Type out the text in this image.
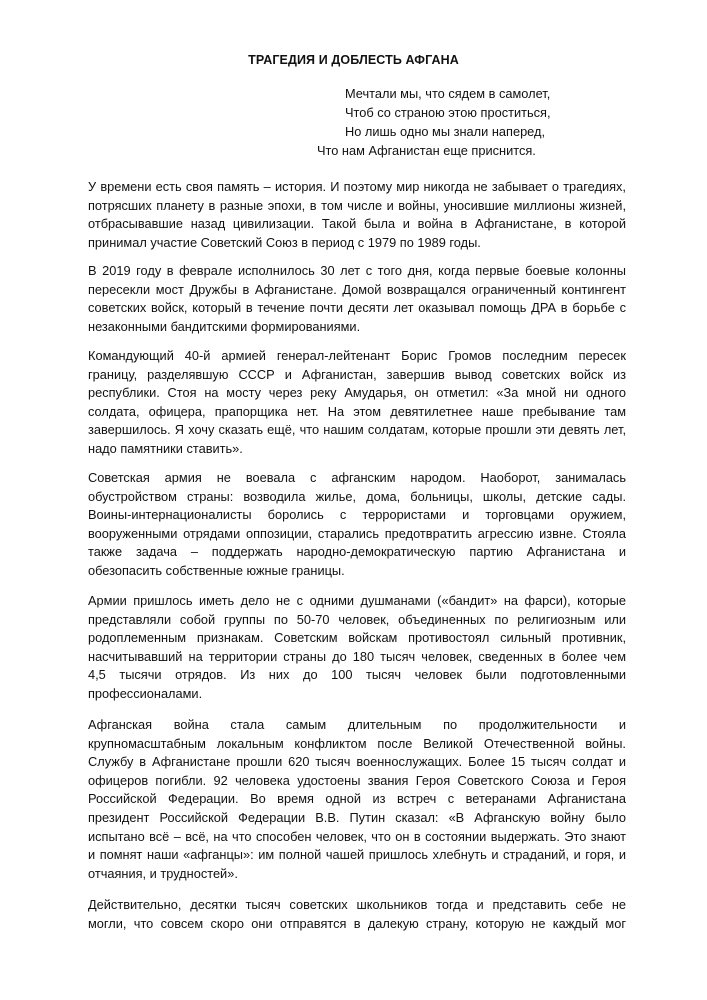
ТРАГЕДИЯ И ДОБЛЕСТЬ АФГАНА
Мечтали мы, что сядем в самолет,
Чтоб со страною этою проститься,
Но лишь одно мы знали наперед,
Что нам Афганистан еще приснится.
У времени есть своя память – история. И поэтому мир никогда не забывает о трагедиях,
потрясших планету в разные эпохи, в том числе и войны, уносившие миллионы жизней,
отбрасывавшие назад цивилизации. Такой была и война в Афганистане, в которой
принимал участие Советский Союз в период с 1979 по 1989 годы.
В 2019 году в феврале исполнилось 30 лет с того дня, когда первые боевые колонны
пересекли мост Дружбы в Афганистане. Домой возвращался ограниченный контингент
советских войск, который в течение почти десяти лет оказывал помощь ДРА в борьбе с
незаконными бандитскими формированиями.
Командующий 40-й армией генерал-лейтенант Борис Громов последним пересек
границу, разделявшую СССР и Афганистан, завершив вывод советских войск из
республики. Стоя на мосту через реку Амударья, он отметил: «За мной ни одного
солдата, офицера, прапорщика нет. На этом девятилетнее наше пребывание там
завершилось. Я хочу сказать ещё, что нашим солдатам, которые прошли эти девять лет,
надо памятники ставить».
Советская армия не воевала с афганским народом. Наоборот, занималась
обустройством страны: возводила жилье, дома, больницы, школы, детские сады.
Воины-интернационалисты боролись с террористами и торговцами оружием,
вооруженными отрядами оппозиции, старались предотвратить агрессию извне. Стояла
также задача – поддержать народно-демократическую партию Афганистана и
обезопасить собственные южные границы.
Армии пришлось иметь дело не с одними душманами («бандит» на фарси), которые
представляли собой группы по 50-70 человек, объединенных по религиозным или
родоплеменным признакам. Советским войскам противостоял сильный противник,
насчитывавший на территории страны до 180 тысяч человек, сведенных в более чем
4,5 тысячи отрядов. Из них до 100 тысяч человек были подготовленными
профессионалами.
Афганская война стала самым длительным по продолжительности и
крупномасштабным локальным конфликтом после Великой Отечественной войны.
Службу в Афганистане прошли 620 тысяч военнослужащих. Более 15 тысяч солдат и
офицеров погибли. 92 человека удостоены звания Героя Советского Союза и Героя
Российской Федерации. Во время одной из встреч с ветеранами Афганистана
президент Российской Федерации В.В. Путин сказал: «В Афганскую войну было
испытано всё – всё, на что способен человек, что он в состоянии выдержать. Это знают
и помнят наши «афганцы»: им полной чашей пришлось хлебнуть и страданий, и горя, и
отчаяния, и трудностей».
Действительно, десятки тысяч советских школьников тогда и представить себе не
могли, что совсем скоро они отправятся в далекую страну, которую не каждый мог
